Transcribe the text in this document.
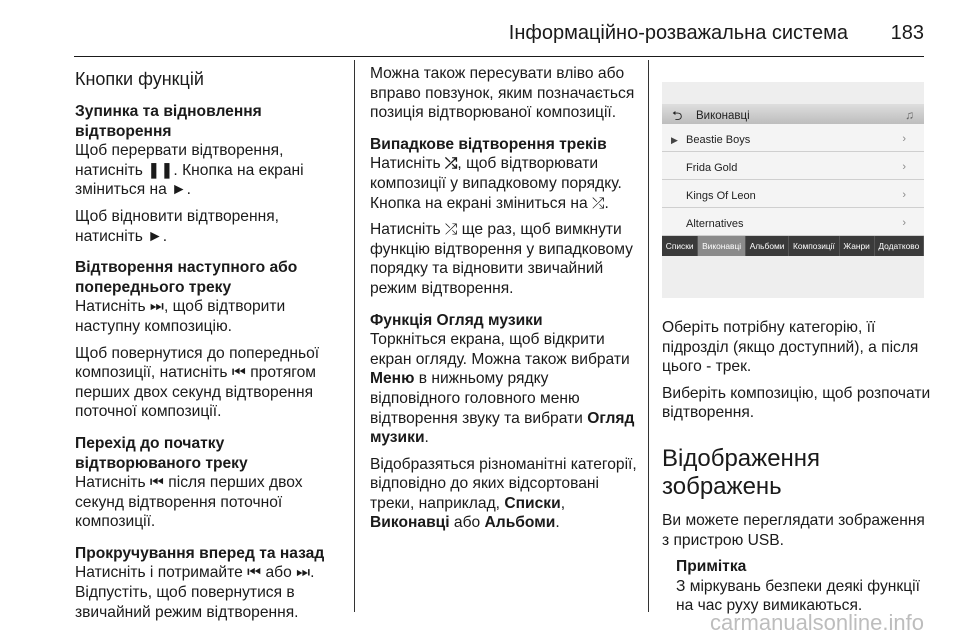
Інформаційно-розважальна система 183
Кнопки функцій
Зупинка та відновлення відтворення

Щоб перервати відтворення, натисніть ❚❚. Кнопка на екрані зміниться на ►.

Щоб відновити відтворення, натисніть ►.

Відтворення наступного або попереднього треку

Натисніть ⏭, щоб відтворити наступну композицію.

Щоб повернутися до попередньої композиції, натисніть ⏮ протягом перших двох секунд відтворення поточної композиції.

Перехід до початку відтворюваного треку

Натисніть ⏮ після перших двох секунд відтворення поточної композиції.

Прокручування вперед та назад

Натисніть і потримайте ⏮ або ⏭. Відпустіть, щоб повернутися в звичайний режим відтворення.

Можна також пересувати вліво або вправо повзунок, яким позначається позиція відтворюваної композиції.

Випадкове відтворення треків

Натисніть ⤮, щоб відтворювати композиції у випадковому порядку. Кнопка на екрані зміниться на ⤮.

Натисніть ⤮ ще раз, щоб вимкнути функцію відтворення у випадковому порядку та відновити звичайний режим відтворення.

Функція Огляд музики

Торкніться екрана, щоб відкрити екран огляду. Можна також вибрати Меню в нижньому рядку відповідного головного меню відтворення звуку та вибрати Огляд музики.

Відобразяться різноманітні категорії, відповідно до яких відсортовані треки, наприклад, Списки, Виконавці або Альбоми.

⮌ Виконавці	♫
▶ Beastie Boys	›
Frida Gold	›
Kings Of Leon	›
Alternatives	›
Списки	Виконавці	Альбоми	Композиції	Жанри	Додатково

Оберіть потрібну категорію, її підрозділ (якщо доступний), а після цього - трек.

Виберіть композицію, щоб розпочати відтворення.

Відображення зображень

Ви можете переглядати зображення з пристрою USB.

Примітка
З міркувань безпеки деякі функції на час руху вимикаються.
carmanualsonline.info
